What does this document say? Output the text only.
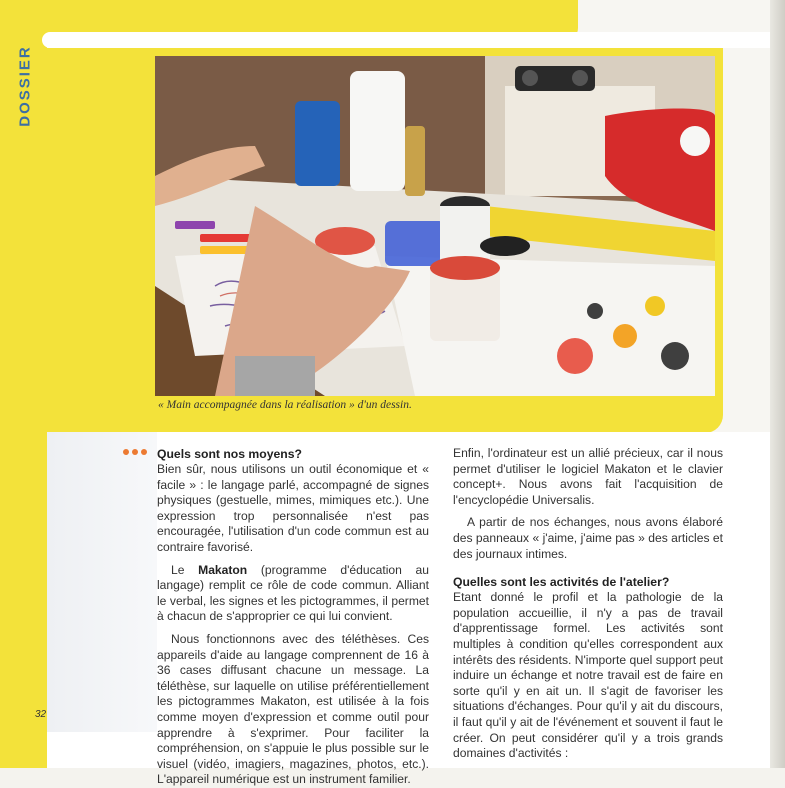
DOSSIER
« Main accompagnée dans la réalisation » d'un dessin.
Quels sont nos moyens?

Bien sûr, nous utilisons un outil économique et « facile » : le langage parlé, accompagné de signes physiques (gestuelle, mimes, mimiques etc.). Une expression trop personnalisée n'est pas encouragée, l'utilisation d'un code commun est au contraire favorisé.

Le Makaton (programme d'éducation au langage) remplit ce rôle de code commun. Alliant le verbal, les signes et les pictogrammes, il permet à chacun de s'approprier ce qui lui convient.

Nous fonctionnons avec des téléthèses. Ces appareils d'aide au langage comprennent de 16 à 36 cases diffusant chacune un message. La téléthèse, sur laquelle on utilise préférentiellement les pictogrammes Makaton, est utilisée à la fois comme moyen d'expression et comme outil pour apprendre à s'exprimer. Pour faciliter la compréhension, on s'appuie le plus possible sur le visuel (vidéo, imagiers, magazines, photos, etc.). L'appareil numérique est un instrument familier.

Enfin, l'ordinateur est un allié précieux, car il nous permet d'utiliser le logiciel Makaton et le clavier concept+. Nous avons fait l'acquisition de l'encyclopédie Universalis.

A partir de nos échanges, nous avons élaboré des panneaux « j'aime, j'aime pas » des articles et des journaux intimes.

Quelles sont les activités de l'atelier?

Etant donné le profil et la pathologie de la population accueillie, il n'y a pas de travail d'apprentissage formel. Les activités sont multiples à condition qu'elles correspondent aux intérêts des résidents. N'importe quel support peut induire un échange et notre travail est de faire en sorte qu'il y en ait un. Il s'agit de favoriser les situations d'échanges. Pour qu'il y ait du discours, il faut qu'il y ait de l'événement et souvent il faut le créer. On peut considérer qu'il y a trois grands domaines d'activités :

32
